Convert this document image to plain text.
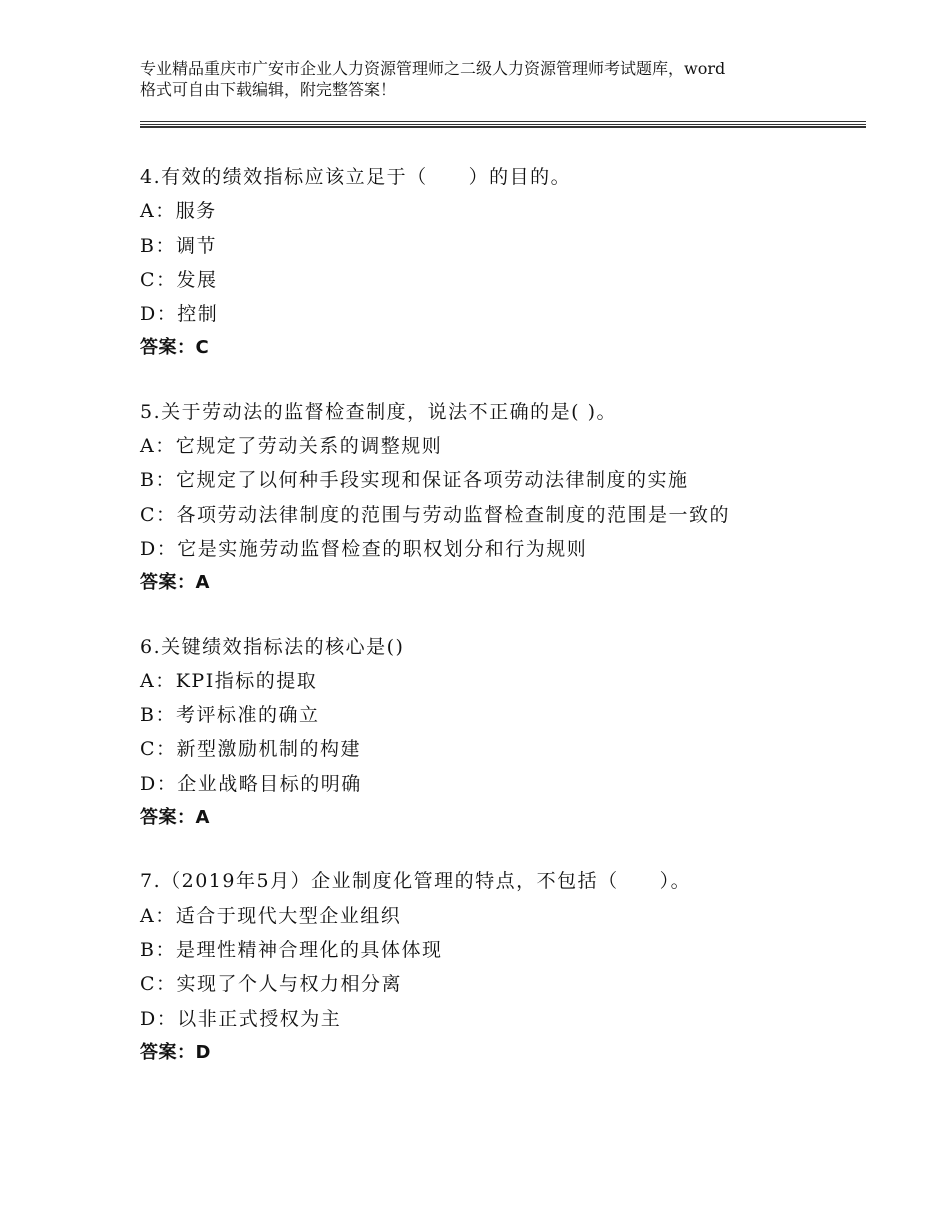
专业精品重庆市广安市企业人力资源管理师之二级人力资源管理师考试题库，word
格式可自由下载编辑，附完整答案！
4.有效的绩效指标应该立足于（　　）的目的。
A：服务
B：调节
C：发展
D：控制
答案：C
5.关于劳动法的监督检查制度，说法不正确的是( )。
A：它规定了劳动关系的调整规则
B：它规定了以何种手段实现和保证各项劳动法律制度的实施
C：各项劳动法律制度的范围与劳动监督检查制度的范围是一致的
D：它是实施劳动监督检查的职权划分和行为规则
答案：A
6.关键绩效指标法的核心是()
A：KPI指标的提取
B：考评标准的确立
C：新型激励机制的构建
D：企业战略目标的明确
答案：A
7.（2019年5月）企业制度化管理的特点，不包括（　　）。
A：适合于现代大型企业组织
B：是理性精神合理化的具体体现
C：实现了个人与权力相分离
D：以非正式授权为主
答案：D
